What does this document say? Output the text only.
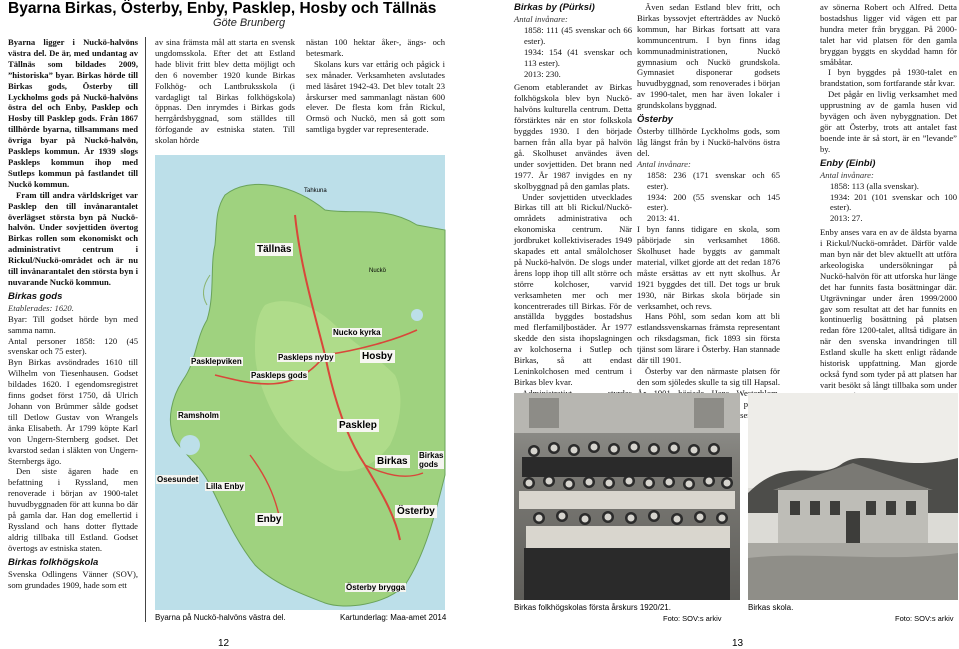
Byarna Birkas, Österby, Enby, Pasklep, Hosby och Tällnäs
Göte Brunberg

Byarna ligger i Nuckö-halvöns västra del. De är, med undantag av Tällnäs som bildades 2009, ”historiska” byar. Birkas hörde till Birkas gods, Österby till Lyckholms gods på Nuckö-halvöns östra del och Enby, Pasklep och Hosby till Pasklep gods. Från 1867 tillhörde byarna, tillsammans med övriga byar på Nuckö-halvön, Paskleps kommun. År 1939 slogs Paskleps kommun ihop med Sutleps kommun på fastlandet till Nuckö kommun.

Fram till andra världskriget var Pasklep den till invånarantalet överlägset största byn på Nuckö-halvön. Under sovjettiden övertog Birkas rollen som ekonomiskt och administrativt centrum i Rickul/Nuckö-området och är nu till invånarantalet den största byn i nuvarande Nuckö kommun.

Birkas gods

Etablerades: 1620.

Byar: Till godset hörde byn med samma namn.

Antal personer 1858: 120 (45 svenskar och 75 ester).

Byn Birkas avsöndrades 1610 till Wilhelm von Tiesenhausen. Godset bildades 1620. I egendomsregistret finns godset först 1750, då Ulrich Johann von Brümmer sålde godset till Detlow Gustav von Wrangels änka Elisabeth. År 1799 köpte Karl von Ungern-Sternberg godset. Det kvarstod sedan i släkten von Ungern-Sternbergs ägo.

Den siste ägaren hade en befattning i Ryssland, men renoverade i början av 1900-talet huvudbyggnaden för att kunna bo där på gamla dar. Han dog emellertid i Ryssland och hans dotter flyttade aldrig tillbaka till Estland. Godset övertogs av estniska staten.

Birkas folkhögskola

Svenska Odlingens Vänner (SOV), som grundades 1909, hade som ett

av sina främsta mål att starta en svensk ungdomsskola. Efter det att Estland hade blivit fritt blev detta möjligt och den 6 november 1920 kunde Birkas Folkhög- och Lantbruksskola (i vardagligt tal Birkas folkhögskola) öppnas. Den inrymdes i Birkas gods herrgårdsbyggnad, som ställdes till förfogande av estniska staten. Till skolan hörde

nästan 100 hektar åker-, ängs- och betesmark.

Skolans kurs var ettårig och pågick i sex månader. Verksamheten avslutades med läsåret 1942-43. Det blev totalt 23 årskurser med sammanlagt nästan 600 elever. De flesta kom från Rickul, Ormsö och Nuckö, men så gott som samtliga bygder var representerade.

Tahkuna
Tällnäs
Nuckö
Nucko kyrka
Pasklepviken	Paskleps nyby	Hosby
Paskleps gods
Ramsholm
Pasklep
Birkas
Birkas gods
Osesundet
Lilla Enby
Österby
Enby
Österby brygga
Byarna på Nuckö-halvöns västra del.	Kartunderlag: Maa-amet 2014
12
Birkas by (Pürksi)

Antal invånare:

1858: 111 (45 svenskar och 66 ester).

1934: 154 (41 svenskar och 113 ester).

2013: 230.

Genom etablerandet av Birkas folkhögskola blev byn Nuckö-halvöns kulturella centrum. Detta förstärktes när en stor folkskola byggdes 1930. I den började barnen från alla byar på halvön gå. Skolhuset användes även under sovjettiden. Det brann ned 1977. År 1987 invigdes en ny skolbyggnad på den gamlas plats.

Under sovjettiden utvecklades Birkas till att bli Rickul/Nuckö-områdets administrativa och ekonomiska centrum. När jordbruket kollektiviserades 1949 skapades ett antal smålolchoser på Nuckö-halvön. De slogs under årens lopp ihop till allt större och större kolchoser, varvid verksamheten mer och mer koncentrerades till Birkas. För de anställda byggdes bostadshus med flerfamiljbostäder. År 1977 skedde den sista ihopslagningen av kolchoserna i Sutlep och Birkas, så att endast Leninkolchosen med centrum i Birkas blev kvar.

Även sedan Estland blev fritt, och Birkas byssovjet efterträddes av Nuckö kommun, har Birkas fortsatt att vara kommuncentrum. I byn finns idag kommunadministrationen, Nuckö gymnasium och Nuckö grundskola. Gymnasiet disponerar godsets huvudbyggnad, som renoverades i början av 1990-talet, men har även lokaler i grundskolans byggnad.

Österby

Österby tillhörde Lyckholms gods, som låg längst från by i Nuckö-halvöns östra del.

Antal invånare:

1858: 236 (171 svenskar och 65 ester).

1934: 200 (55 svenskar och 145 ester).

2013: 41.

I byn fanns tidigare en skola, som påbörjade sin verksamhet 1868. Skolhuset hade byggts av gammalt material, vilket gjorde att det redan 1876 måste ersättas av ett nytt skolhus. År 1921 byggdes det till. Det togs ur bruk 1930, när Birkas skola började sin verksamhet, och revs.

Hans Pöhl, som sedan kom att bli estlandssvenskarnas främsta representant och riksdagsman, fick 1893 sin första tjänst som lärare i Österby. Han stannade där till 1901.

Österby var den närmaste platsen för den som sjöledes skulle ta sig till Hapsal.

av sönerna Robert och Alfred. Detta bostadshus ligger vid vägen ett par hundra meter från bryggan. På 2000-talet har vid platsen för den gamla bryggan byggts en skyddad hamn för småbåtar.

I byn byggdes på 1930-talet en brandstation, som fortfarande står kvar.

Det pågår en livlig verksamhet med upprustning av de gamla husen vid byvägen och även nybyggnation. Det gör att Österby, trots att antalet fast boende inte är så stort, är en ”levande” by.

Enby (Einbi)

Antal invånare:

1858: 113 (alla svenskar).

1934: 201 (101 svenskar och 100 ester).

2013: 27.

Enby anses vara en av de äldsta byarna i Rickul/Nuckö-området. Därför valde man byn när det blev aktuellt att utföra arkeologiska undersökningar på Nuckö-halvön för att utforska hur länge det har funnits fasta bosättningar där. Utgrävningar under åren 1999/2000 gav som resultat att det har funnits en kontinuerlig bosättning på platsen redan före 1200-talet, alltså tidigare än när den svenska invandringen till Estland skulle ha skett enligt rådande historisk uppfattning. Man gjorde också fynd som tyder på att platsen har varit besökt så långt tillbaka som under

Birkas folkhögskolas första årskurs 1920/21.
Foto: SOV:s arkiv
Birkas skola.
Foto: SOV:s arkiv
13
